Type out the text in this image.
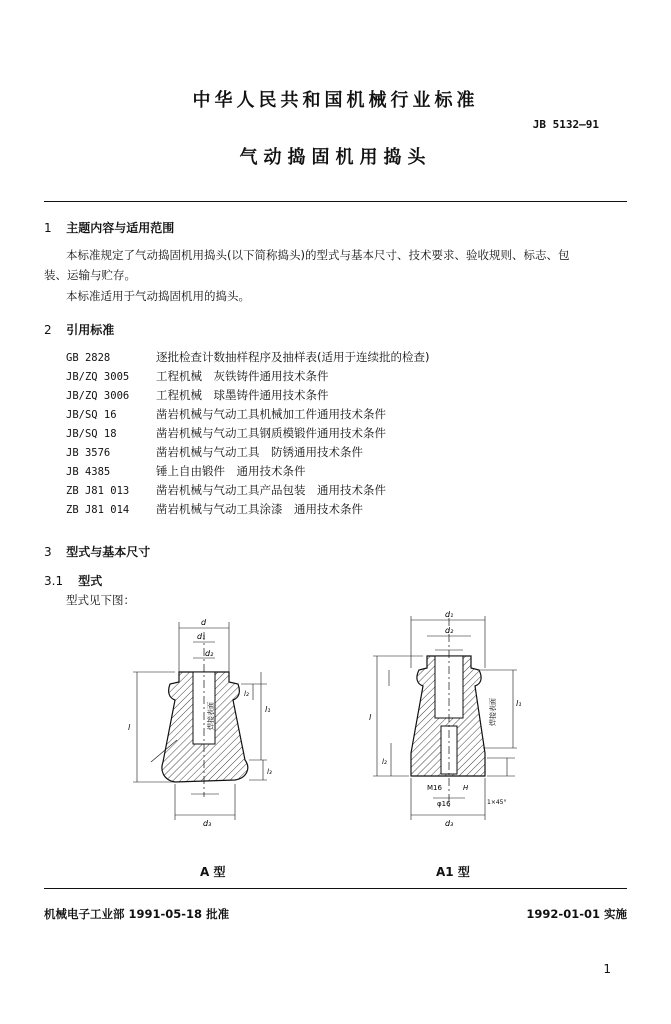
中华人民共和国机械行业标准
JB 5132—91
气动捣固机用捣头
1 主题内容与适用范围
本标准规定了气动捣固机用捣头(以下简称捣头)的型式与基本尺寸、技术要求、验收规则、标志、包
装、运输与贮存。
本标准适用于气动捣固机用的捣头。
2 引用标准
GB 2828	逐批检查计数抽样程序及抽样表(适用于连续批的检查)
JB/ZQ 3005 工程机械　灰铁铸件通用技术条件
JB/ZQ 3006 工程机械　球墨铸件通用技术条件
JB/SQ 16	凿岩机械与气动工具机械加工件通用技术条件
JB/SQ 18	凿岩机械与气动工具钢质模锻件通用技术条件
JB 3576	凿岩机械与气动工具　防锈通用技术条件
JB 4385	锤上自由锻件　通用技术条件
ZB J81 013 凿岩机械与气动工具产品包装　通用技术条件
ZB J81 014 凿岩机械与气动工具涂漆　通用技术条件
3 型式与基本尺寸
3.1 型式
型式见下图：
d
d₁
d₂
d₃
l
l₁
l₂
l₃
焊接表面
A 型
d₁
d₂
l
l₂
l₁
焊接表面
M16	H
φ16	1×45°
d₃
A1 型
机械电子工业部 1991-05-18 批准	1992-01-01 实施
1
